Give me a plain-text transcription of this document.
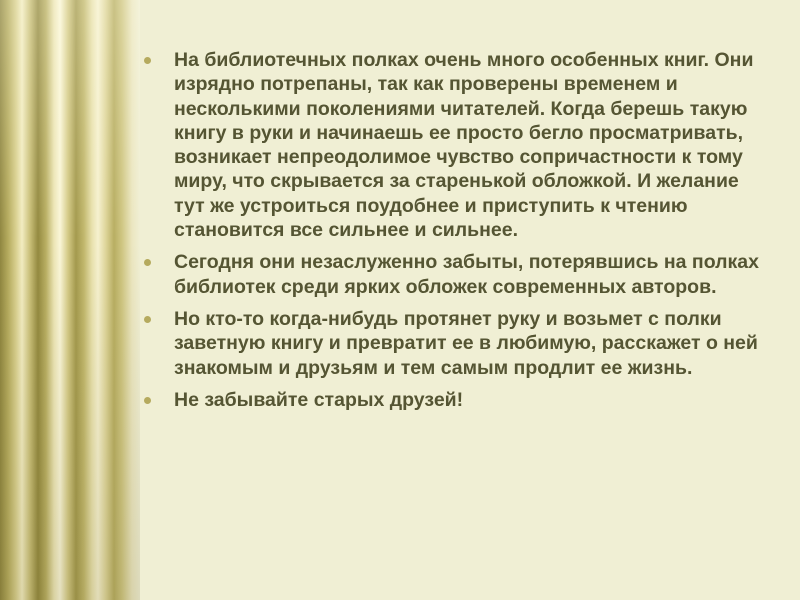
На библиотечных полках очень много особенных книг. Они изрядно потрепаны, так как проверены временем и несколькими поколениями читателей. Когда берешь такую книгу в руки и начинаешь ее просто бегло просматривать, возникает непреодолимое чувство сопричастности к тому миру, что скрывается за старенькой обложкой. И желание тут же устроиться поудобнее и приступить к чтению становится все сильнее и сильнее.
Сегодня они незаслуженно забыты, потерявшись на полках библиотек среди ярких обложек современных авторов.
Но кто-то когда-нибудь протянет руку и возьмет с полки заветную книгу и превратит ее в любимую, расскажет о ней знакомым и друзьям и тем самым продлит ее жизнь.
Не забывайте старых друзей!
